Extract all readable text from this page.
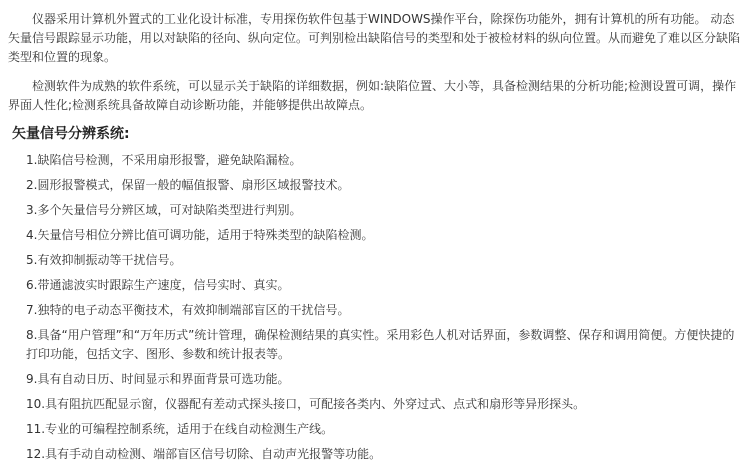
仪器采用计算机外置式的工业化设计标准，专用探伤软件包基于WINDOWS操作平台，除探伤功能外，拥有计算机的所有功能。 动态矢量信号跟踪显示功能，用以对缺陷的径向、纵向定位。可判别检出缺陷信号的类型和处于被检材料的纵向位置。从而避免了难以区分缺陷类型和位置的现象。

检测软件为成熟的软件系统，可以显示关于缺陷的详细数据，例如:缺陷位置、大小等，具备检测结果的分析功能;检测设置可调，操作界面人性化;检测系统具备故障自动诊断功能，并能够提供出故障点。

矢量信号分辨系统:
1.缺陷信号检测，不采用扇形报警，避免缺陷漏检。
2.圆形报警模式，保留一般的幅值报警、扇形区域报警技术。
3.多个矢量信号分辨区域，可对缺陷类型进行判别。
4.矢量信号相位分辨比值可调功能，适用于特殊类型的缺陷检测。
5.有效抑制振动等干扰信号。
6.带通滤波实时跟踪生产速度，信号实时、真实。
7.独特的电子动态平衡技术，有效抑制端部盲区的干扰信号。
8.具备“用户管理”和“万年历式”统计管理，确保检测结果的真实性。采用彩色人机对话界面，参数调整、保存和调用简便。方便快捷的打印功能，包括文字、图形、参数和统计报表等。
9.具有自动日历、时间显示和界面背景可选功能。
10.具有阻抗匹配显示窗，仪器配有差动式探头接口，可配接各类内、外穿过式、点式和扇形等异形探头。
11.专业的可编程控制系统，适用于在线自动检测生产线。
12.具有手动自动检测、端部盲区信号切除、自动声光报警等功能。
